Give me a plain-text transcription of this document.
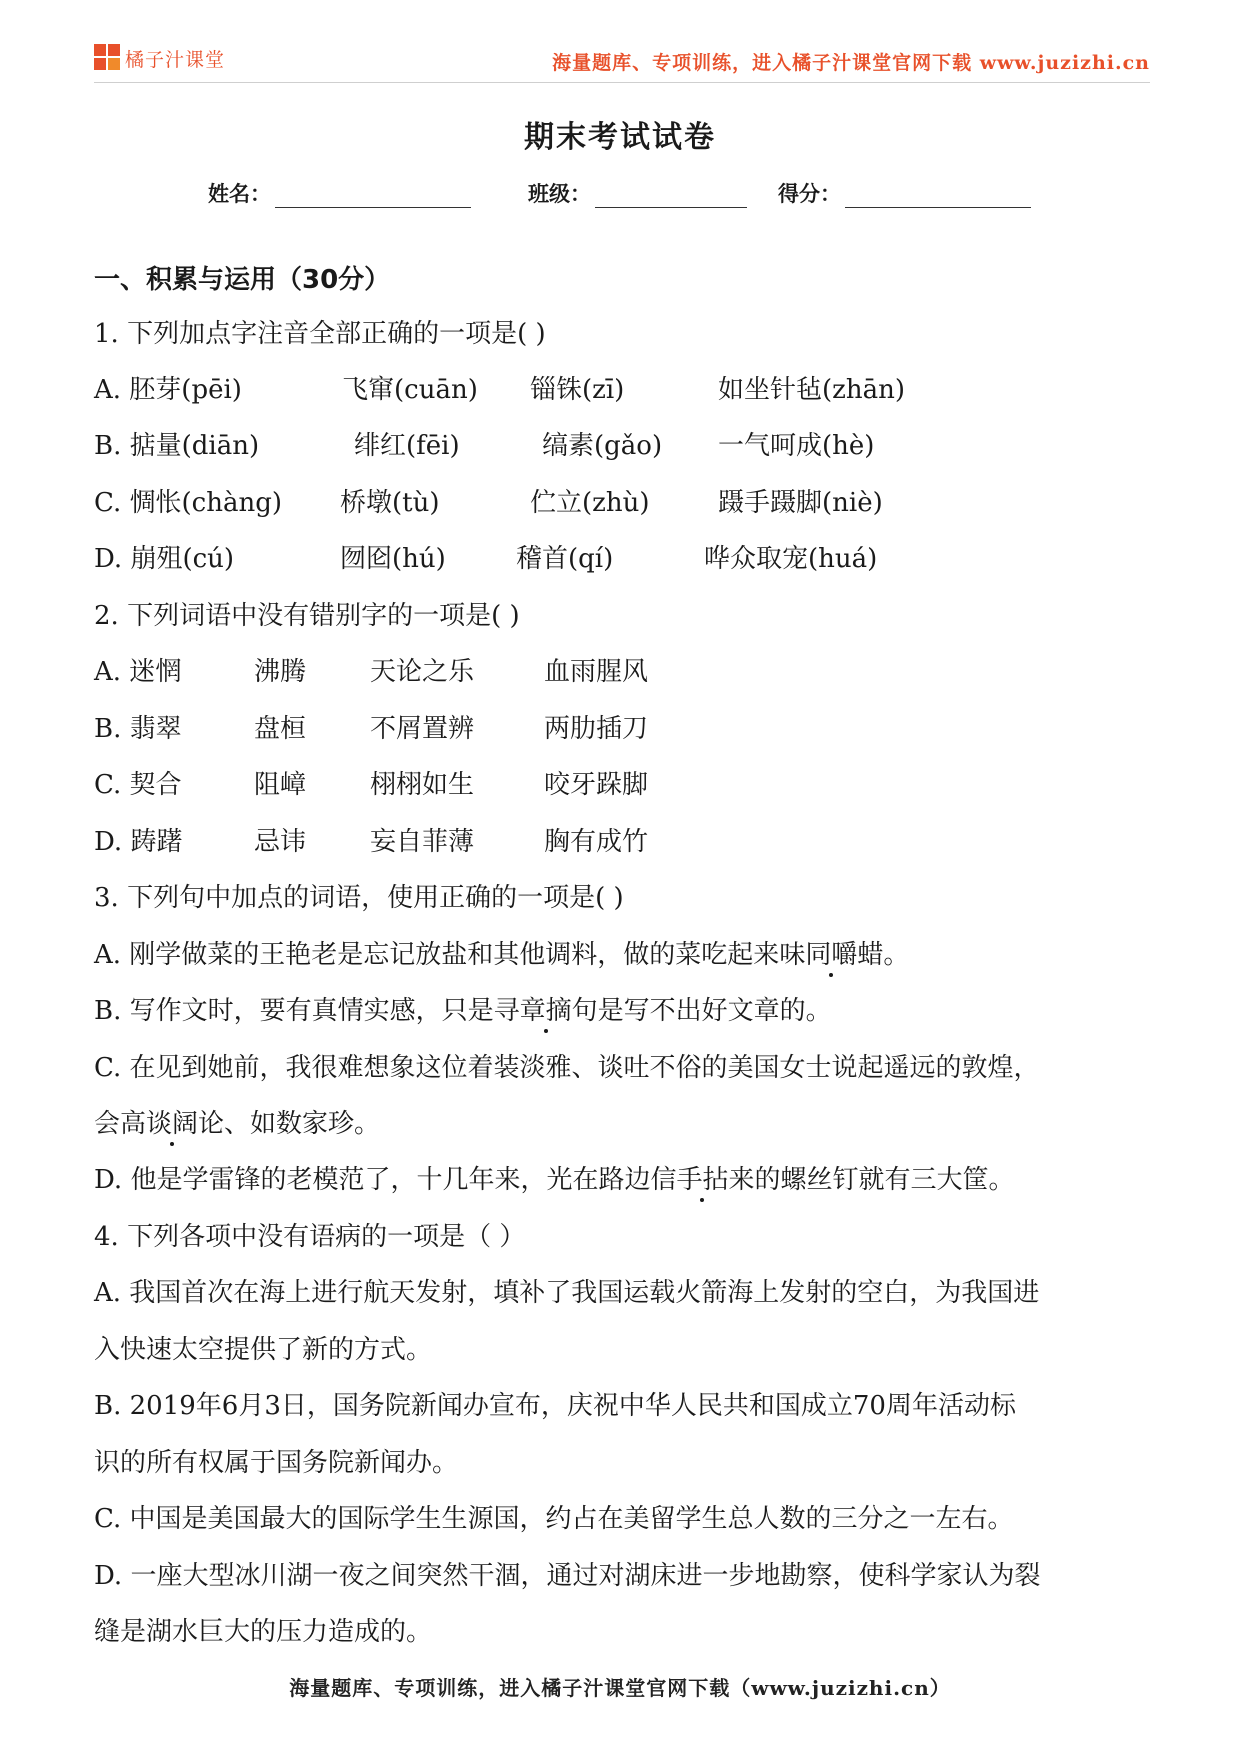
橘子汁课堂	海量题库、专项训练，进入橘子汁课堂官网下载 www.juzizhi.cn
期末考试试卷
姓名：	班级：	得分：
一、积累与运用（30分）
1. 下列加点字注音全部正确的一项是( )
A. 胚芽(pēi)	飞窜(cuān) 锱铢(zī)	如坐针毡(zhān)
B. 掂量(diān)	绯红(fēi)	缟素(gǎo) 一气呵成(hè)
C. 惆怅(chàng) 桥墩(tù)	伫立(zhù)	蹑手蹑脚(niè)
D. 崩殂(cú)	囫囵(hú)	稽首(qí)	哗众取宠(huá)
2. 下列词语中没有错别字的一项是( )
A. 迷惘	沸腾 天论之乐	血雨腥风
B. 翡翠	盘桓 不屑置辨	两肋插刀
C. 契合	阻嶂 栩栩如生	咬牙跺脚
D. 踌躇	忌讳 妄自菲薄	胸有成竹
3. 下列句中加点的词语，使用正确的一项是( )
A. 刚学做菜的王艳老是忘记放盐和其他调料，做的菜吃起来味同嚼蜡。
B. 写作文时，要有真情实感，只是寻章摘句是写不出好文章的。
C. 在见到她前，我很难想象这位着装淡雅、谈吐不俗的美国女士说起遥远的敦煌，
会高谈阔论、如数家珍。
D. 他是学雷锋的老模范了，十几年来，光在路边信手拈来的螺丝钉就有三大筐。
4. 下列各项中没有语病的一项是（ ）
A. 我国首次在海上进行航天发射，填补了我国运载火箭海上发射的空白，为我国进
入快速太空提供了新的方式。
B. 2019年6月3日，国务院新闻办宣布，庆祝中华人民共和国成立70周年活动标
识的所有权属于国务院新闻办。
C. 中国是美国最大的国际学生生源国，约占在美留学生总人数的三分之一左右。
D. 一座大型冰川湖一夜之间突然干涸，通过对湖床进一步地勘察，使科学家认为裂
缝是湖水巨大的压力造成的。
海量题库、专项训练，进入橘子汁课堂官网下载（www.juzizhi.cn）
